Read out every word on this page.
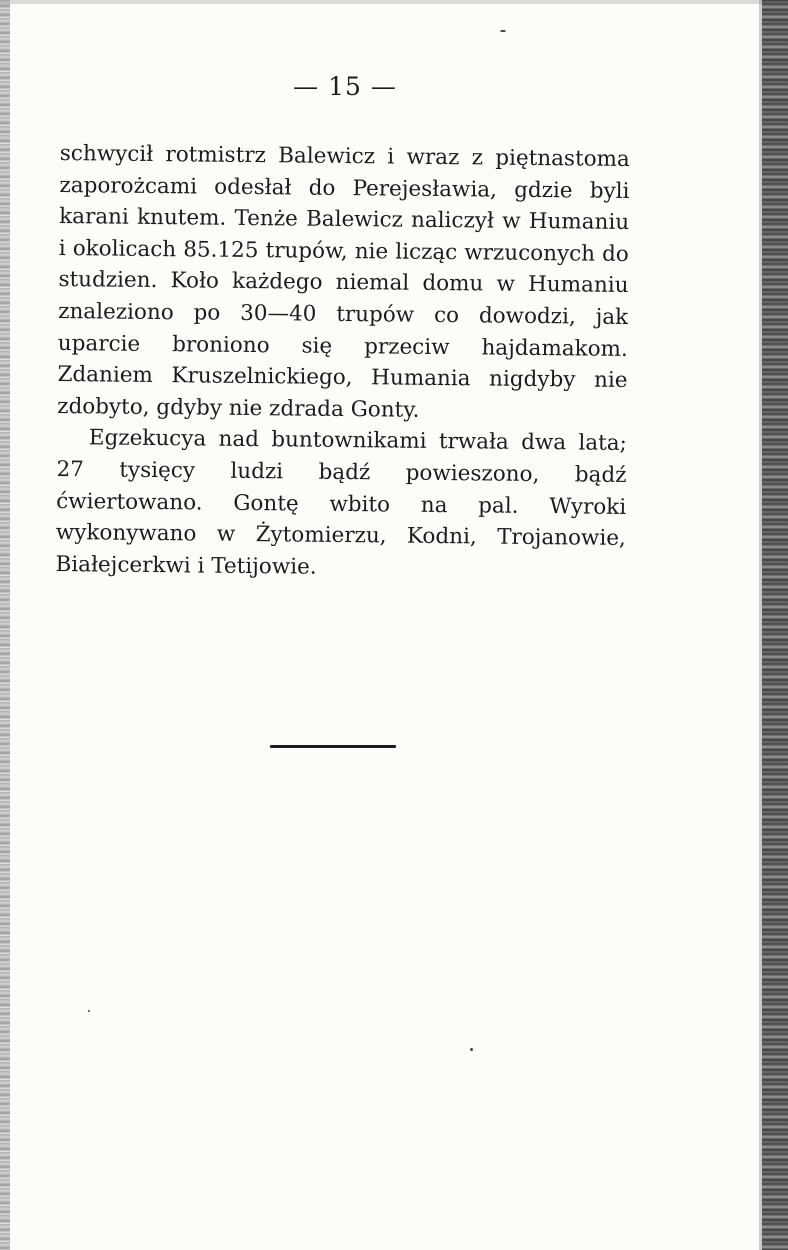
— 15 —

schwycił rotmistrz Balewicz i wraz z piętnastoma zaporożcami odesłał do Perejesławia, gdzie byli karani knutem. Tenże Balewicz naliczył w Humaniu i okolicach 85.125 trupów, nie licząc wrzuconych do studzien. Koło każdego niemal domu w Humaniu znaleziono po 30—40 trupów co dowodzi, jak uparcie broniono się przeciw hajdamakom. Zdaniem Kruszelnickiego, Humania nigdyby nie zdobyto, gdyby nie zdrada Gonty.

Egzekucya nad buntownikami trwała dwa lata; 27 tysięcy ludzi bądź powieszono, bądź ćwiertowano. Gontę wbito na pal. Wyroki wykonywano w Żytomierzu, Kodni, Trojanowie, Białejcerkwi i Tetijowie.
